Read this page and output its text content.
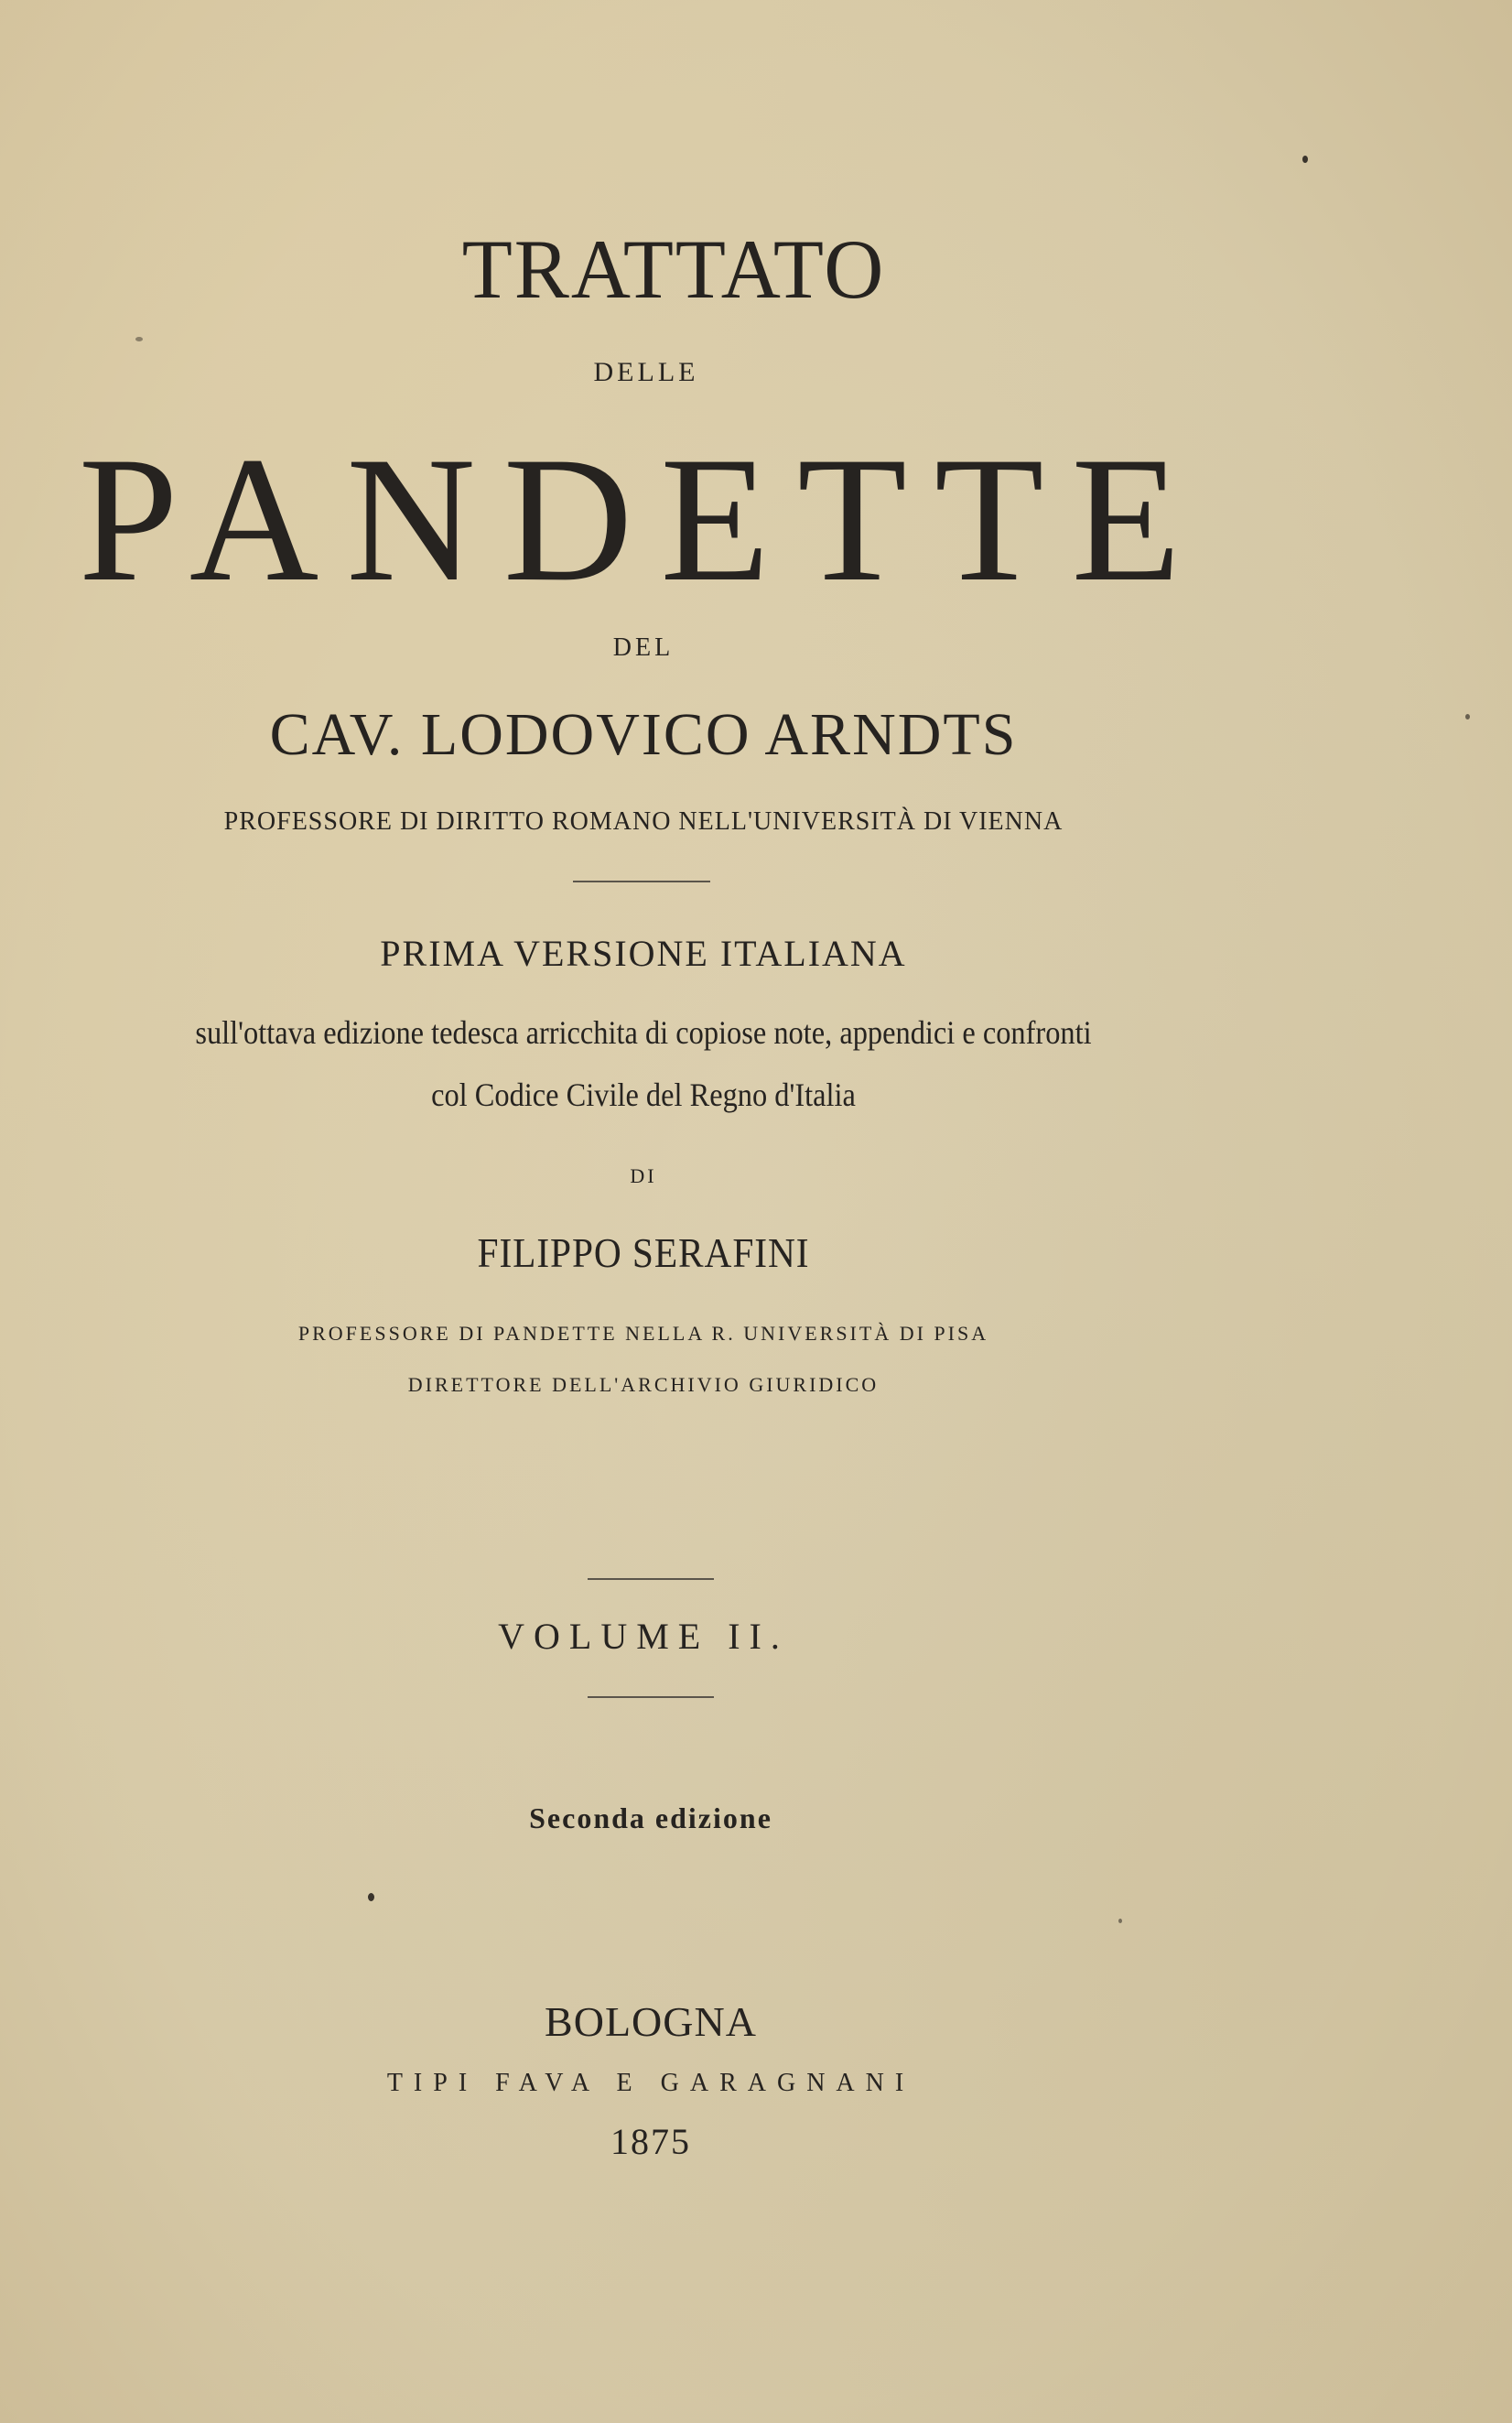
TRATTATO
DELLE
PANDETTE
DEL
CAV. LODOVICO ARNDTS
PROFESSORE DI DIRITTO ROMANO NELL'UNIVERSITÀ DI VIENNA
PRIMA VERSIONE ITALIANA
sull'ottava edizione tedesca arricchita di copiose note, appendici e confronti
col Codice Civile del Regno d'Italia
DI
FILIPPO SERAFINI
PROFESSORE DI PANDETTE NELLA R. UNIVERSITÀ DI PISA
DIRETTORE DELL'ARCHIVIO GIURIDICO
VOLUME II.
Seconda edizione
BOLOGNA
TIPI FAVA E GARAGNANI
1875
